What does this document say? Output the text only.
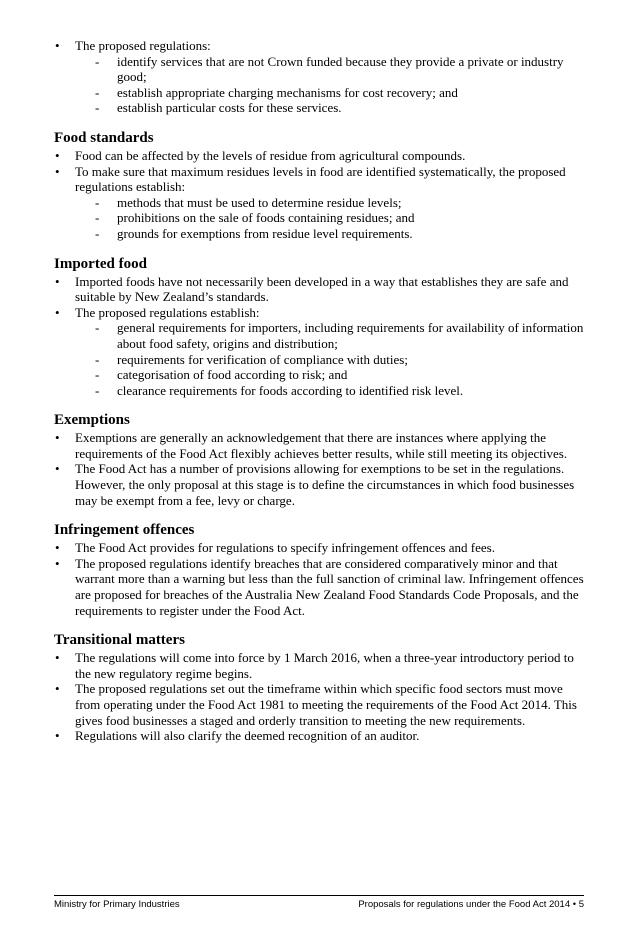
• The proposed regulations:
- identify services that are not Crown funded because they provide a private or industry good;
- establish appropriate charging mechanisms for cost recovery; and
- establish particular costs for these services.
Food standards
• Food can be affected by the levels of residue from agricultural compounds.
• To make sure that maximum residues levels in food are identified systematically, the proposed regulations establish:
- methods that must be used to determine residue levels;
- prohibitions on the sale of foods containing residues; and
- grounds for exemptions from residue level requirements.
Imported food
• Imported foods have not necessarily been developed in a way that establishes they are safe and suitable by New Zealand’s standards.
• The proposed regulations establish:
- general requirements for importers, including requirements for availability of information about food safety, origins and distribution;
- requirements for verification of compliance with duties;
- categorisation of food according to risk; and
- clearance requirements for foods according to identified risk level.
Exemptions
• Exemptions are generally an acknowledgement that there are instances where applying the requirements of the Food Act flexibly achieves better results, while still meeting its objectives.
• The Food Act has a number of provisions allowing for exemptions to be set in the regulations. However, the only proposal at this stage is to define the circumstances in which food businesses may be exempt from a fee, levy or charge.
Infringement offences
• The Food Act provides for regulations to specify infringement offences and fees.
• The proposed regulations identify breaches that are considered comparatively minor and that warrant more than a warning but less than the full sanction of criminal law. Infringement offences are proposed for breaches of the Australia New Zealand Food Standards Code Proposals, and the requirements to register under the Food Act.
Transitional matters
• The regulations will come into force by 1 March 2016, when a three-year introductory period to the new regulatory regime begins.
• The proposed regulations set out the timeframe within which specific food sectors must move from operating under the Food Act 1981 to meeting the requirements of the Food Act 2014. This gives food businesses a staged and orderly transition to meeting the new requirements.
• Regulations will also clarify the deemed recognition of an auditor.
Ministry for Primary Industries	Proposals for regulations under the Food Act 2014 • 5
